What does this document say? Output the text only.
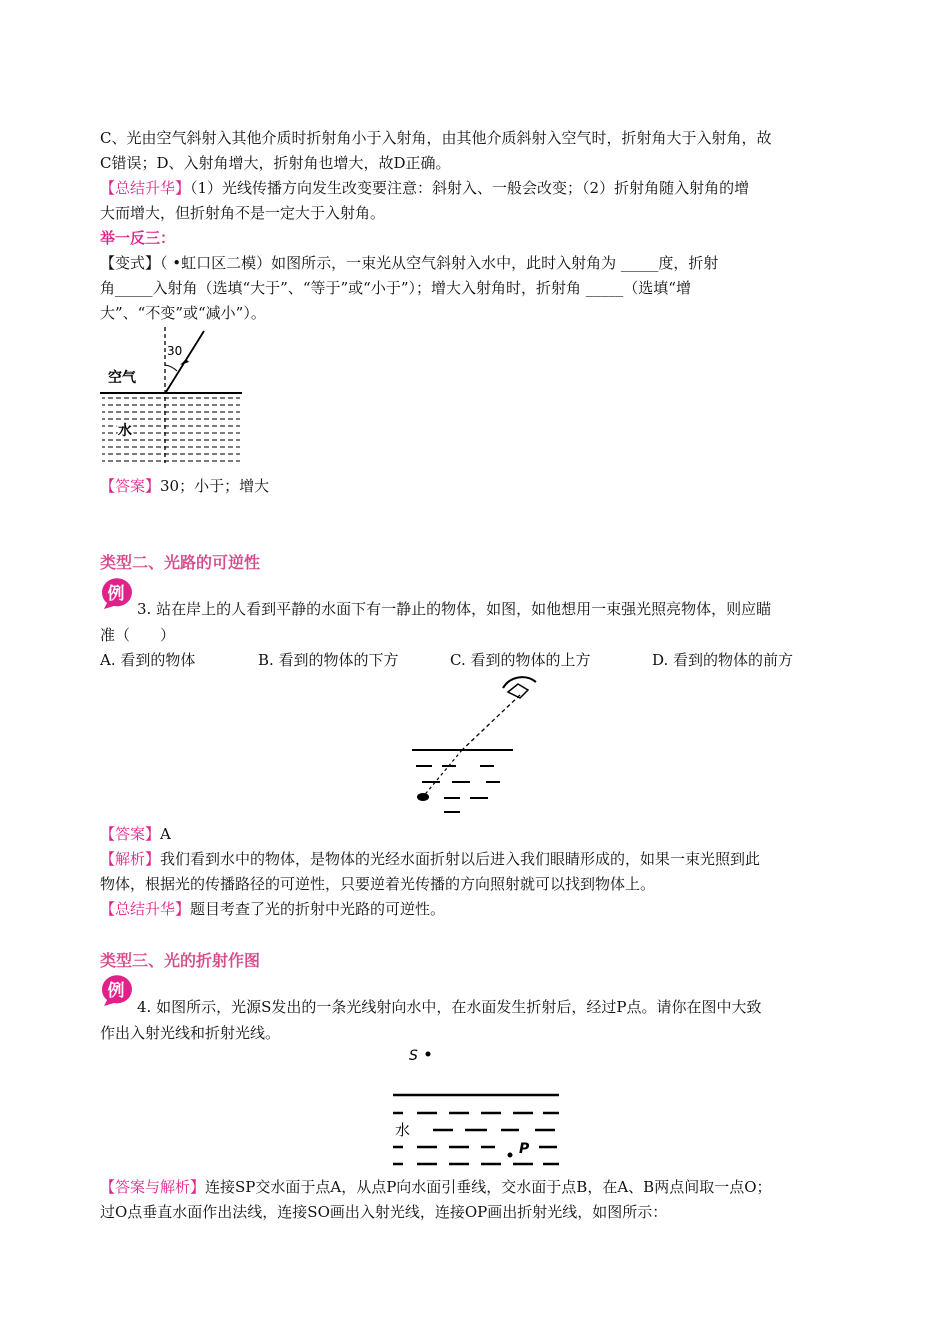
C、光由空气斜射入其他介质时折射角小于入射角，由其他介质斜射入空气时，折射角大于入射角，故
C错误；D、入射角增大，折射角也增大，故D正确。
【总结升华】（1）光线传播方向发生改变要注意：斜射入、一般会改变；（2）折射角随入射角的增
大而增大，但折射角不是一定大于入射角。
举一反三：
【变式】（ •虹口区二模）如图所示，一束光从空气斜射入水中，此时入射角为 _____度，折射
角_____入射角（选填“大于”、“等于”或“小于”）；增大入射角时，折射角 _____（选填“增
大”、“不变”或“减小”）。
30
空气
水
【答案】30；小于；增大
类型二、光路的可逆性
例
3. 站在岸上的人看到平静的水面下有一静止的物体，如图，如他想用一束强光照亮物体，则应瞄
准（　　）
A. 看到的物体	B. 看到的物体的下方	C. 看到的物体的上方	D. 看到的物体的前方
【答案】A
【解析】我们看到水中的物体，是物体的光经水面折射以后进入我们眼睛形成的，如果一束光照到此
物体，根据光的传播路径的可逆性，只要逆着光传播的方向照射就可以找到物体上。
【总结升华】题目考查了光的折射中光路的可逆性。
类型三、光的折射作图
例
4. 如图所示，光源S发出的一条光线射向水中，在水面发生折射后，经过P点。请你在图中大致
作出入射光线和折射光线。
S
水
P
【答案与解析】连接SP交水面于点A，从点P向水面引垂线，交水面于点B，在A、B两点间取一点O；
过O点垂直水面作出法线，连接SO画出入射光线，连接OP画出折射光线，如图所示：
